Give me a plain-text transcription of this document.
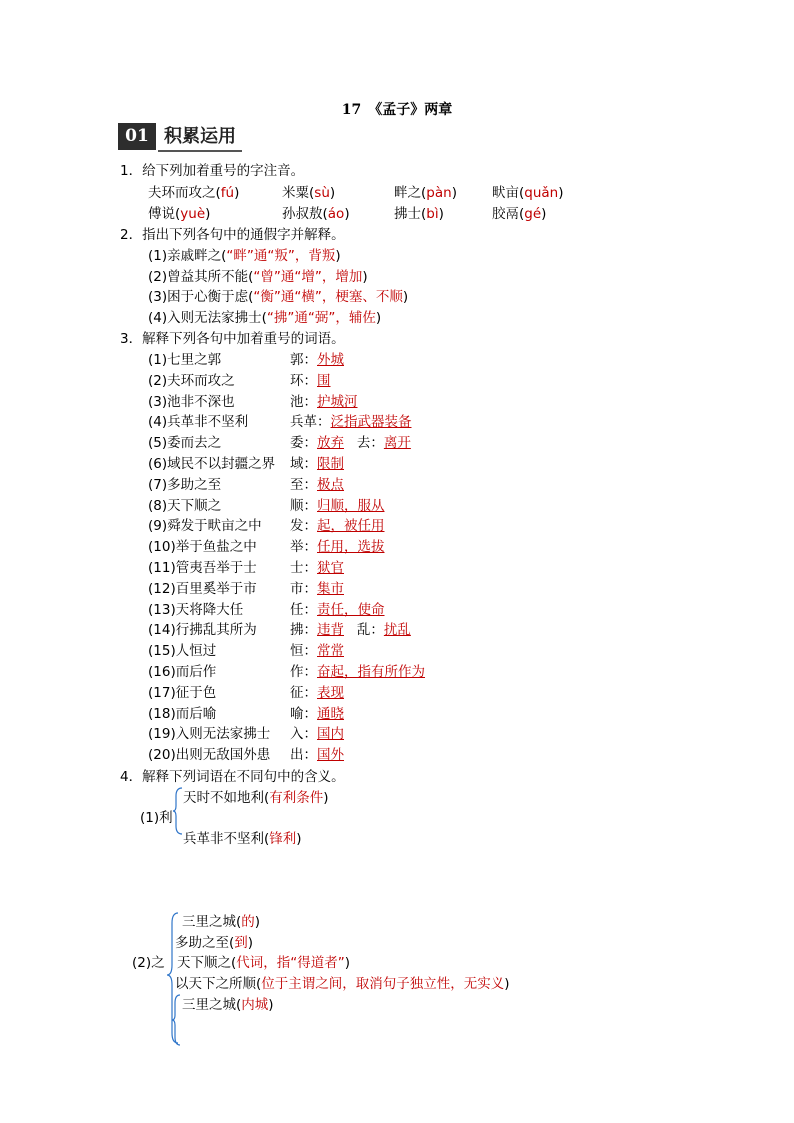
17　《孟子》两章
01 积累运用
1．给下列加着重号的字注音。
夫环而攻之(fú)	米粟(sù)	畔之(pàn)	畎亩(quǎn)
傅说(yuè)	孙叔敖(áo)	拂士(bì)	胶鬲(gé)
2．指出下列各句中的通假字并解释。
(1)亲戚畔之(“畔”通“叛”，背叛)
(2)曾益其所不能(“曾”通“增”，增加)
(3)困于心衡于虑(“衡”通“横”，梗塞、不顺)
(4)入则无法家拂士(“拂”通“弼”，辅佐)
3．解释下列各句中加着重号的词语。
(1)七里之郭	郭：外城
(2)夫环而攻之	环：围
(3)池非不深也	池：护城河
(4)兵革非不坚利	兵革：泛指武器装备
(5)委而去之	委：放弃 去：离开
(6)域民不以封疆之界 域：限制
(7)多助之至	至：极点
(8)天下顺之	顺：归顺，服从
(9)舜发于畎亩之中 发：起，被任用
(10)举于鱼盐之中 举：任用，选拔
(11)管夷吾举于士 士：狱官
(12)百里奚举于市 市：集市
(13)天将降大任	任：责任，使命
(14)行拂乱其所为 拂：违背 乱：扰乱
(15)人恒过	恒：常常
(16)而后作	作：奋起，指有所作为
(17)征于色	征：表现
(18)而后喻	喻：通晓
(19)入则无法家拂士 入：国内
(20)出则无敌国外患 出：国外
4．解释下列词语在不同句中的含义。
(1)利
天时不如地利(有利条件)
兵革非不坚利(锋利)
(2)之
三里之城(的)
多助之至(到)
天下顺之(代词，指“得道者”)
以天下之所顺(位于主谓之间，取消句子独立性，无实义)
三里之城(内城)
